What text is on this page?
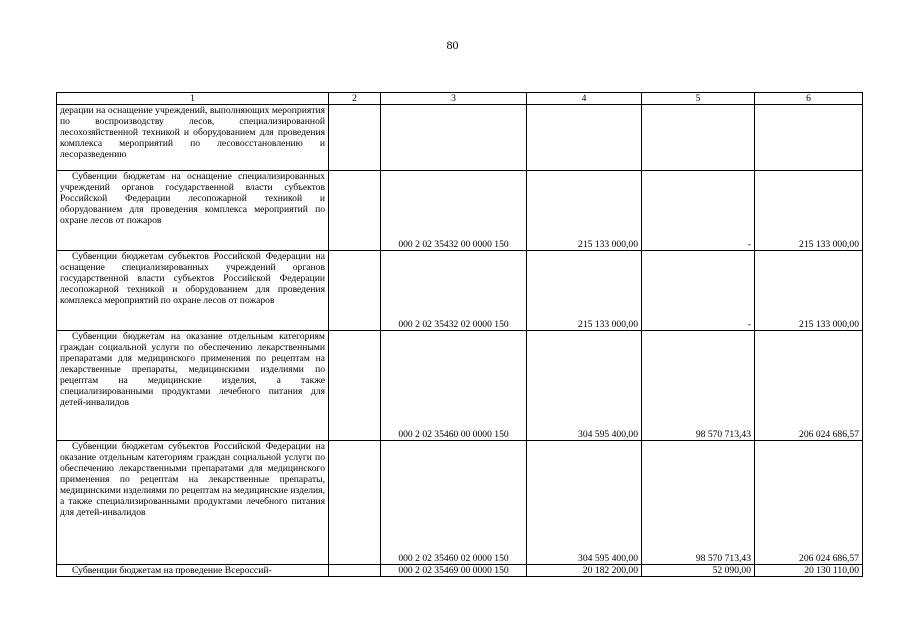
80
1	2	3	4	5	6
дерации на оснащение учреждений, выполняющих мероприятия по воспроизводству лесов, специализированной лесохозяйственной техникой и оборудованием для проведения комплекса мероприятий по лесовосстановлению и лесоразведению					
Субвенции бюджетам на оснащение специализированных учреждений органов государственной власти субъектов Российской Федерации лесопожарной техникой и оборудованием для проведения комплекса мероприятий по охране лесов от пожаров		000 2 02 35432 00 0000 150	215 133 000,00	-	215 133 000,00
Субвенции бюджетам субъектов Российской Федерации на оснащение специализированных учреждений органов государственной власти субъектов Российской Федерации лесопожарной техникой и оборудованием для проведения комплекса мероприятий по охране лесов от пожаров		000 2 02 35432 02 0000 150	215 133 000,00	-	215 133 000,00
Субвенции бюджетам на оказание отдельным категориям граждан социальной услуги по обеспечению лекарственными препаратами для медицинского применения по рецептам на лекарственные препараты, медицинскими изделиями по рецептам на медицинские изделия, а также специализированными продуктами лечебного питания для детей-инвалидов		000 2 02 35460 00 0000 150	304 595 400,00	98 570 713,43	206 024 686,57
Субвенции бюджетам субъектов Российской Федерации на оказание отдельным категориям граждан социальной услуги по обеспечению лекарственными препаратами для медицинского применения по рецептам на лекарственные препараты, медицинскими изделиями по рецептам на медицинские изделия, а также специализированными продуктами лечебного питания для детей-инвалидов		000 2 02 35460 02 0000 150	304 595 400,00	98 570 713,43	206 024 686,57
Субвенции бюджетам на проведение Всероссий-		000 2 02 35469 00 0000 150	20 182 200,00	52 090,00	20 130 110,00
